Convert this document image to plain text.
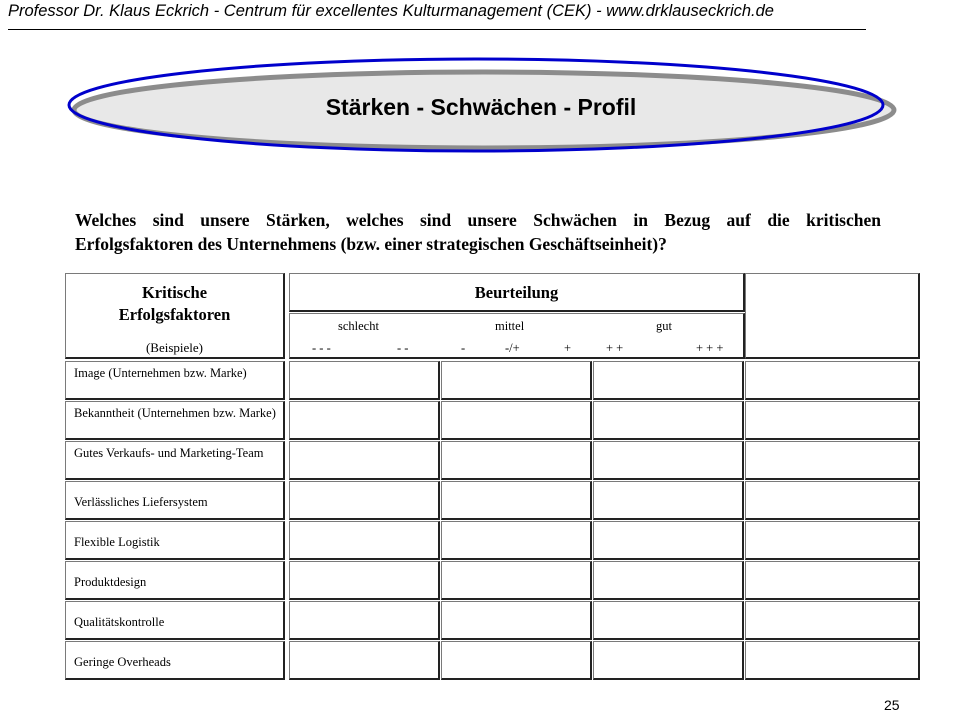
Professor Dr. Klaus Eckrich - Centrum für excellentes Kulturmanagement (CEK) - www.drklauseckrich.de
Stärken - Schwächen - Profil
Welches sind unsere Stärken, welches sind unsere Schwächen in Bezug auf die kritischen
Erfolgsfaktoren des Unternehmens (bzw. einer strategischen Geschäftseinheit)?
Kritische
Erfolgsfaktoren
(Beispiele)
Beurteilung
schlecht	mittel	gut
- - -	- -	-	-/+	+	+ +	+ + +
Image (Unternehmen bzw. Marke)
Bekanntheit (Unternehmen bzw. Marke)
Gutes Verkaufs- und Marketing-Team
Verlässliches Liefersystem
Flexible Logistik
Produktdesign
Qualitätskontrolle
Geringe Overheads
25
